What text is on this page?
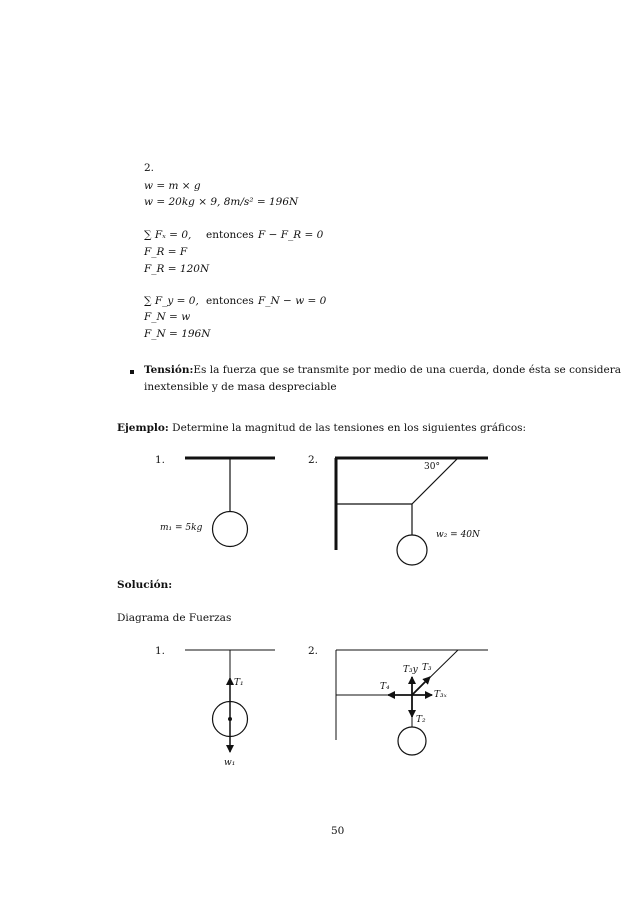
2.
w = m × g
w = 20kg × 9, 8m/s² = 196N
∑ Fₓ = 0, entonces F − F_R = 0
F_R = F
F_R = 120N
∑ F_y = 0, entonces F_N − w = 0
F_N = w
F_N = 196N
Tensión:Es la fuerza que se transmite por medio de una cuerda, donde ésta se considera
inextensible y de masa despreciable
Ejemplo: Determine la magnitud de las tensiones en los siguientes gráficos:
1.	2.
m₁ = 5kg
30°
w₂ = 40N
Solución:
Diagrama de Fuerzas
1.	2.
T₁
w₁
T₃y T₃
T₄
T₃ₓ
T₂
50
